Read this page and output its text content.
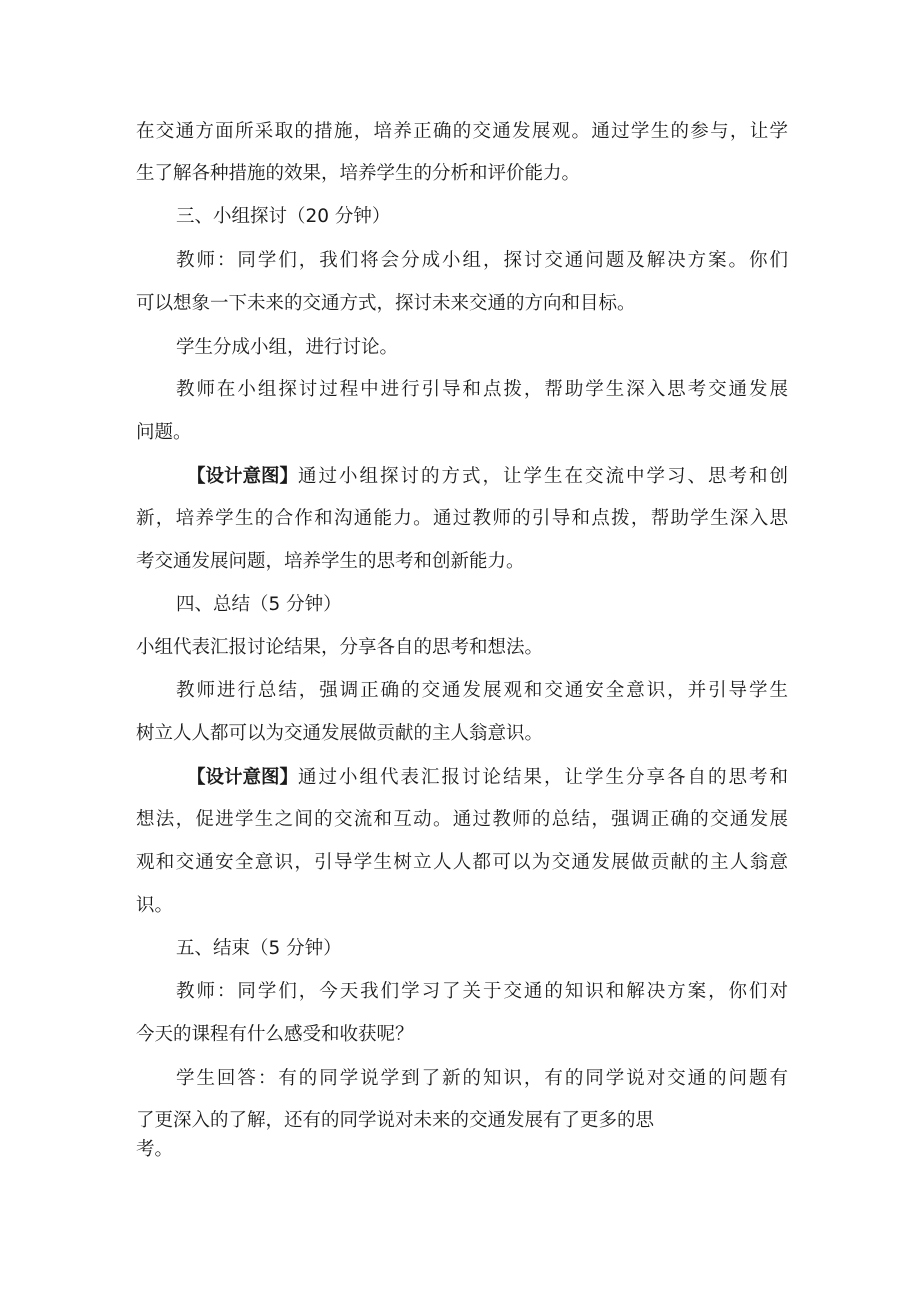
在交通方面所采取的措施，培养正确的交通发展观。通过学生的参与，让学
生了解各种措施的效果，培养学生的分析和评价能力。
三、小组探讨（20 分钟）
教师：同学们，我们将会分成小组，探讨交通问题及解决方案。你们
可以想象一下未来的交通方式，探讨未来交通的方向和目标。
学生分成小组，进行讨论。
教师在小组探讨过程中进行引导和点拨，帮助学生深入思考交通发展
问题。
【设计意图】 通过小组探讨的方式，让学生在交流中学习、思考和创
新，培养学生的合作和沟通能力。通过教师的引导和点拨，帮助学生深入思
考交通发展问题，培养学生的思考和创新能力。
四、总结（5 分钟）
小组代表汇报讨论结果，分享各自的思考和想法。
教师进行总结，强调正确的交通发展观和交通安全意识，并引导学生
树立人人都可以为交通发展做贡献的主人翁意识。
【设计意图】 通过小组代表汇报讨论结果，让学生分享各自的思考和
想法，促进学生之间的交流和互动。通过教师的总结，强调正确的交通发展
观和交通安全意识，引导学生树立人人都可以为交通发展做贡献的主人翁意
识。
五、结束（5 分钟）
教师：同学们，今天我们学习了关于交通的知识和解决方案，你们对
今天的课程有什么感受和收获呢？
学生回答：有的同学说学到了新的知识，有的同学说对交通的问题有
了更深入的了解，还有的同学说对未来的交通发展有了更多的思
考。
